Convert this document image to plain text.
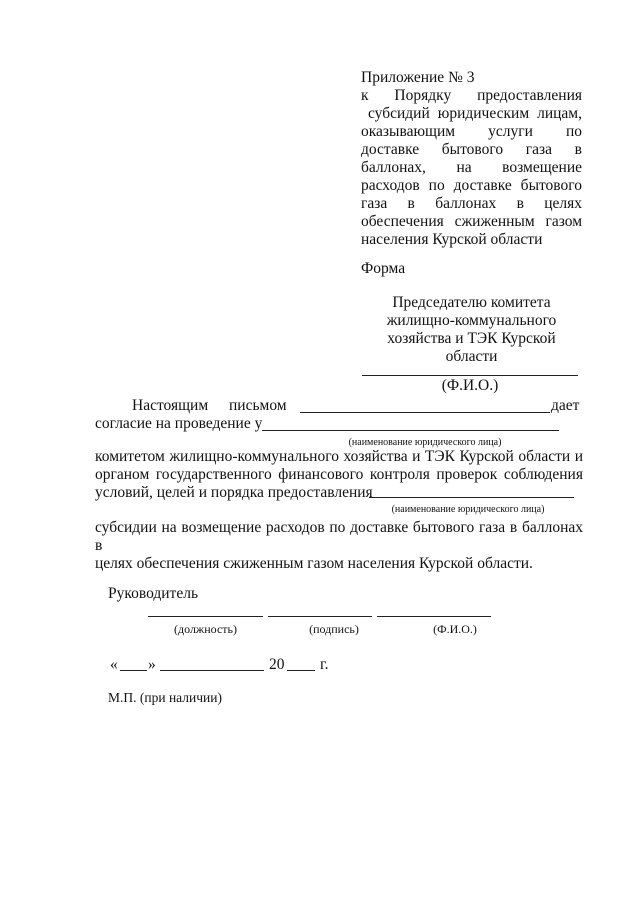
Приложение № 3
к Порядку предоставления
субсидий юридическим лицам,
оказывающим услуги по
доставке бытового газа в
баллонах, на возмещение
расходов по доставке бытового
газа в баллонах в целях
обеспечения сжиженным газом
населения Курской области
Форма
Председателю комитета
жилищно-коммунального
хозяйства и ТЭК Курской
области
(Ф.И.О.)
Настоящим письмом	дает
согласие на проведение у
(наименование юридического лица)
комитетом жилищно-коммунального хозяйства и ТЭК Курской области и
органом государственного финансового контроля проверок соблюдения
условий, целей и порядка предоставления
(наименование юридического лица)
субсидии на возмещение расходов по доставке бытового газа в баллонах в
целях обеспечения сжиженным газом населения Курской области.
Руководитель
(должность)	(подпись)	(Ф.И.О.)
« »	20 г.
М.П. (при наличии)
